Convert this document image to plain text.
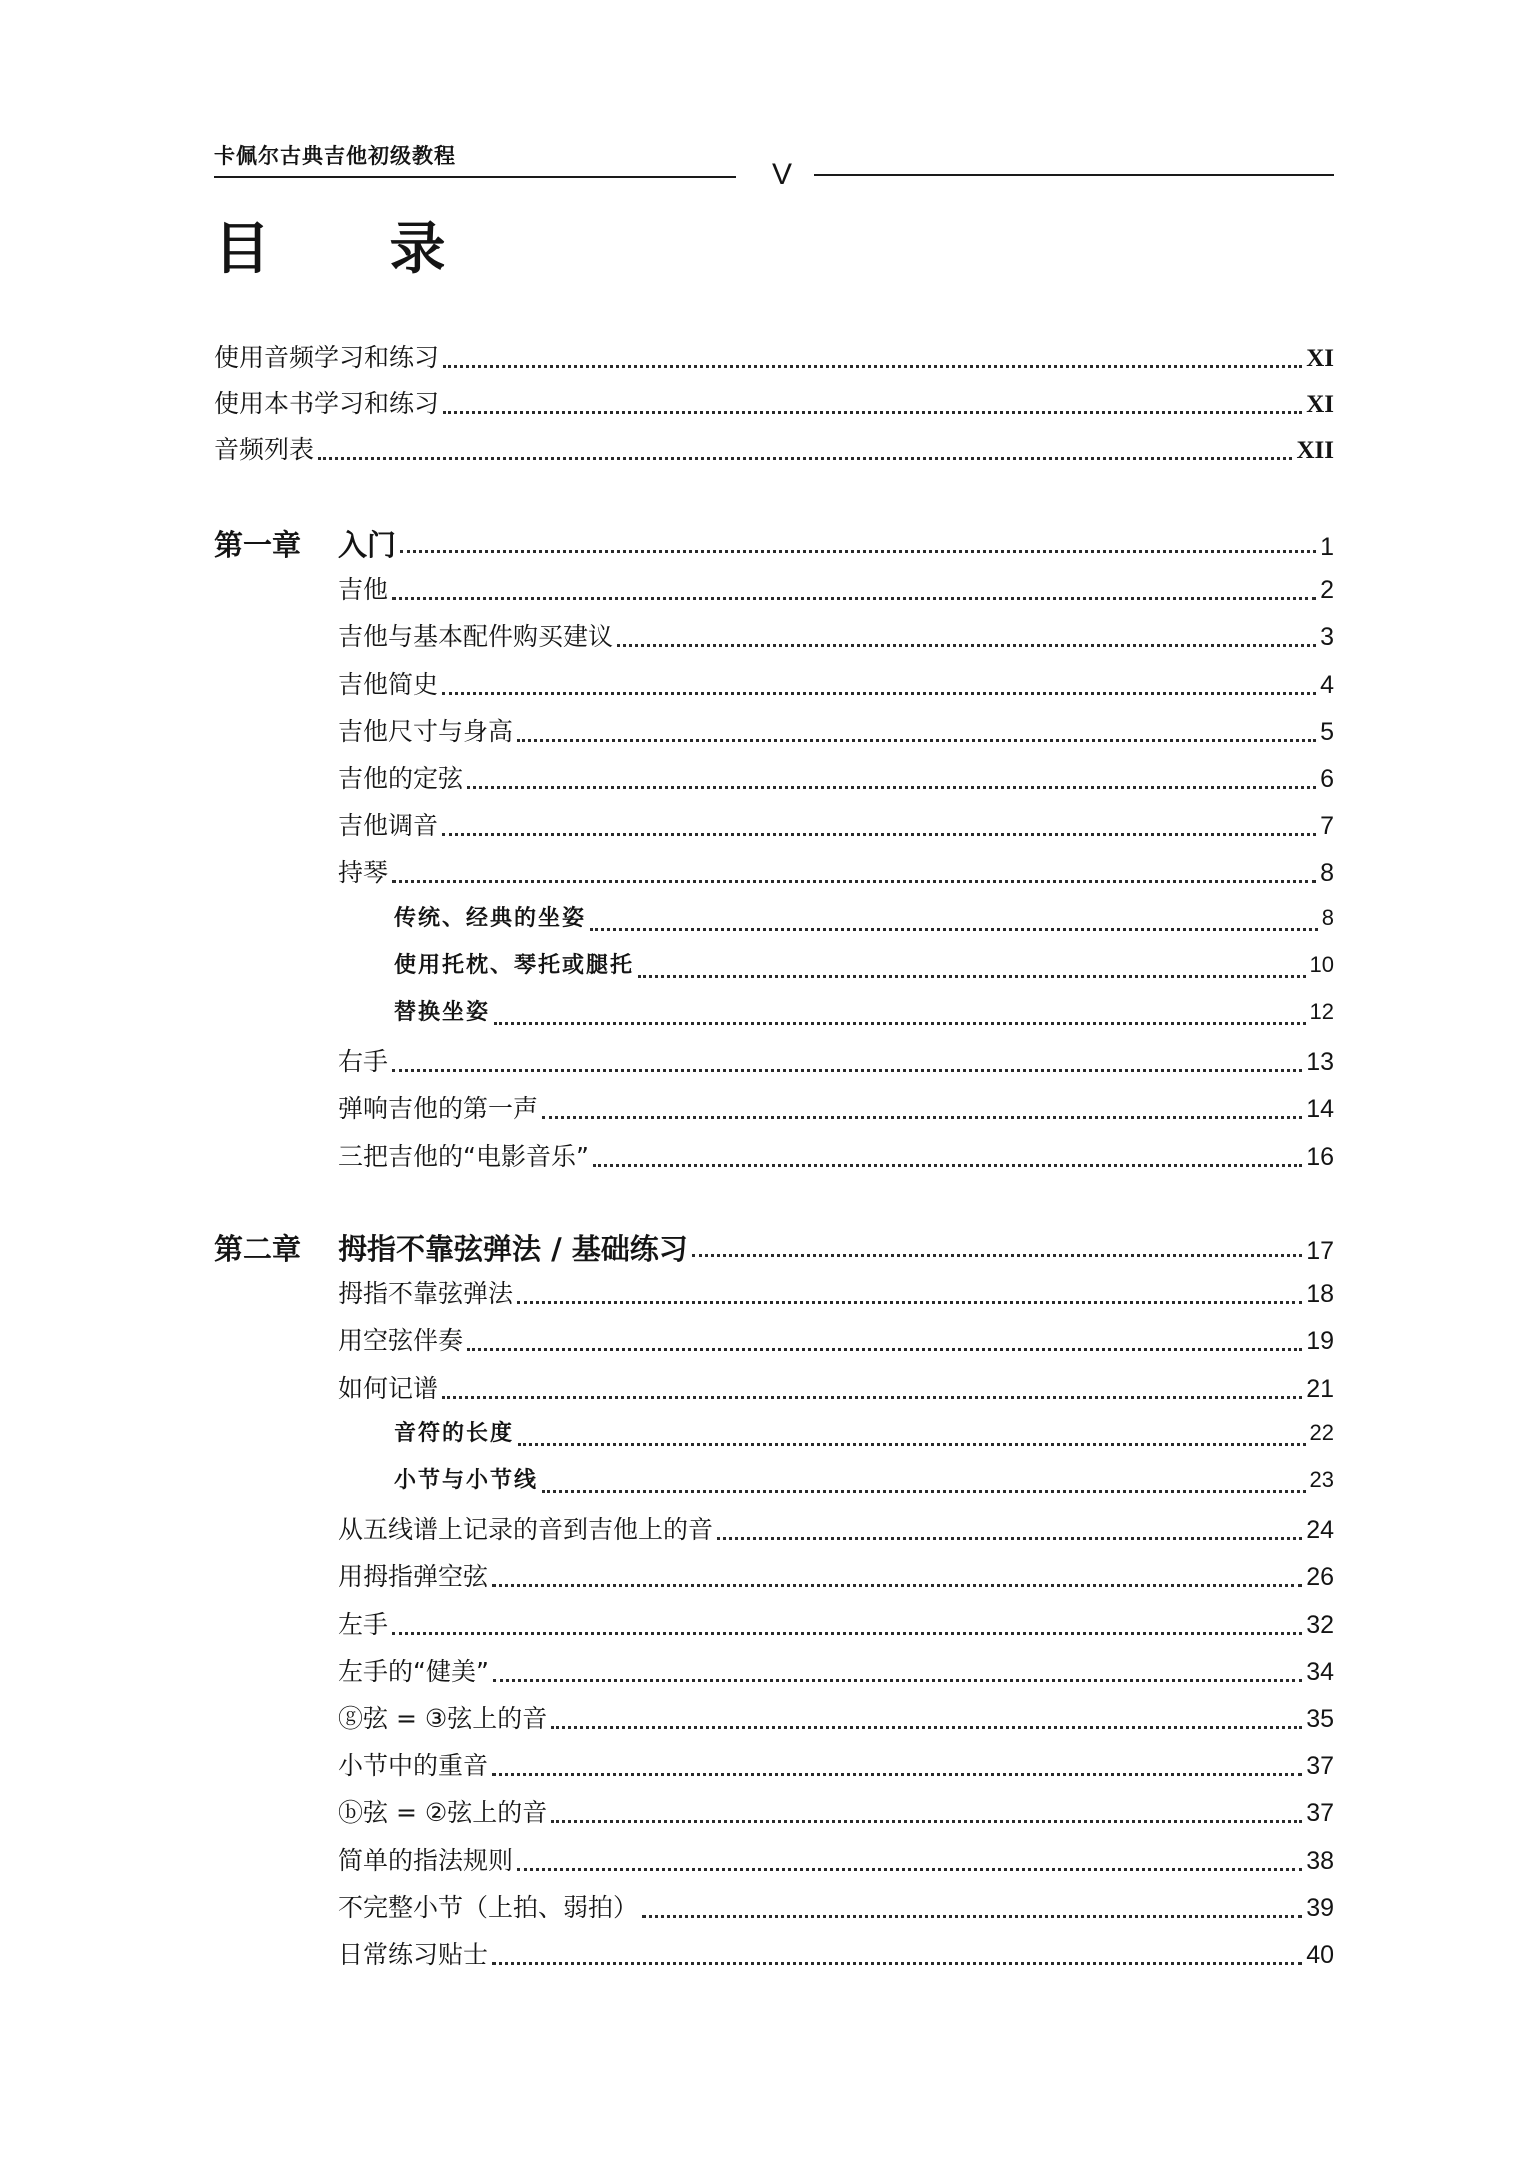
卡佩尔古典吉他初级教程
V
目 录
使用音频学习和练习	XI
使用本书学习和练习	XI
音频列表	XII
第一章	入门	1
吉他	2
吉他与基本配件购买建议	3
吉他简史	4
吉他尺寸与身高	5
吉他的定弦	6
吉他调音	7
持琴	8
传统、经典的坐姿	8
使用托枕、琴托或腿托	10
替换坐姿	12
右手	13
弹响吉他的第一声	14
三把吉他的“电影音乐”	16
第二章	拇指不靠弦弹法 / 基础练习	17
拇指不靠弦弹法	18
用空弦伴奏	19
如何记谱	21
音符的长度	22
小节与小节线	23
从五线谱上记录的音到吉他上的音	24
用拇指弹空弦	26
左手	32
左手的“健美”	34
ⓖ弦 = ③弦上的音	35
小节中的重音	37
ⓑ弦 = ②弦上的音	37
简单的指法规则	38
不完整小节（上拍、弱拍）	39
日常练习贴士	40
